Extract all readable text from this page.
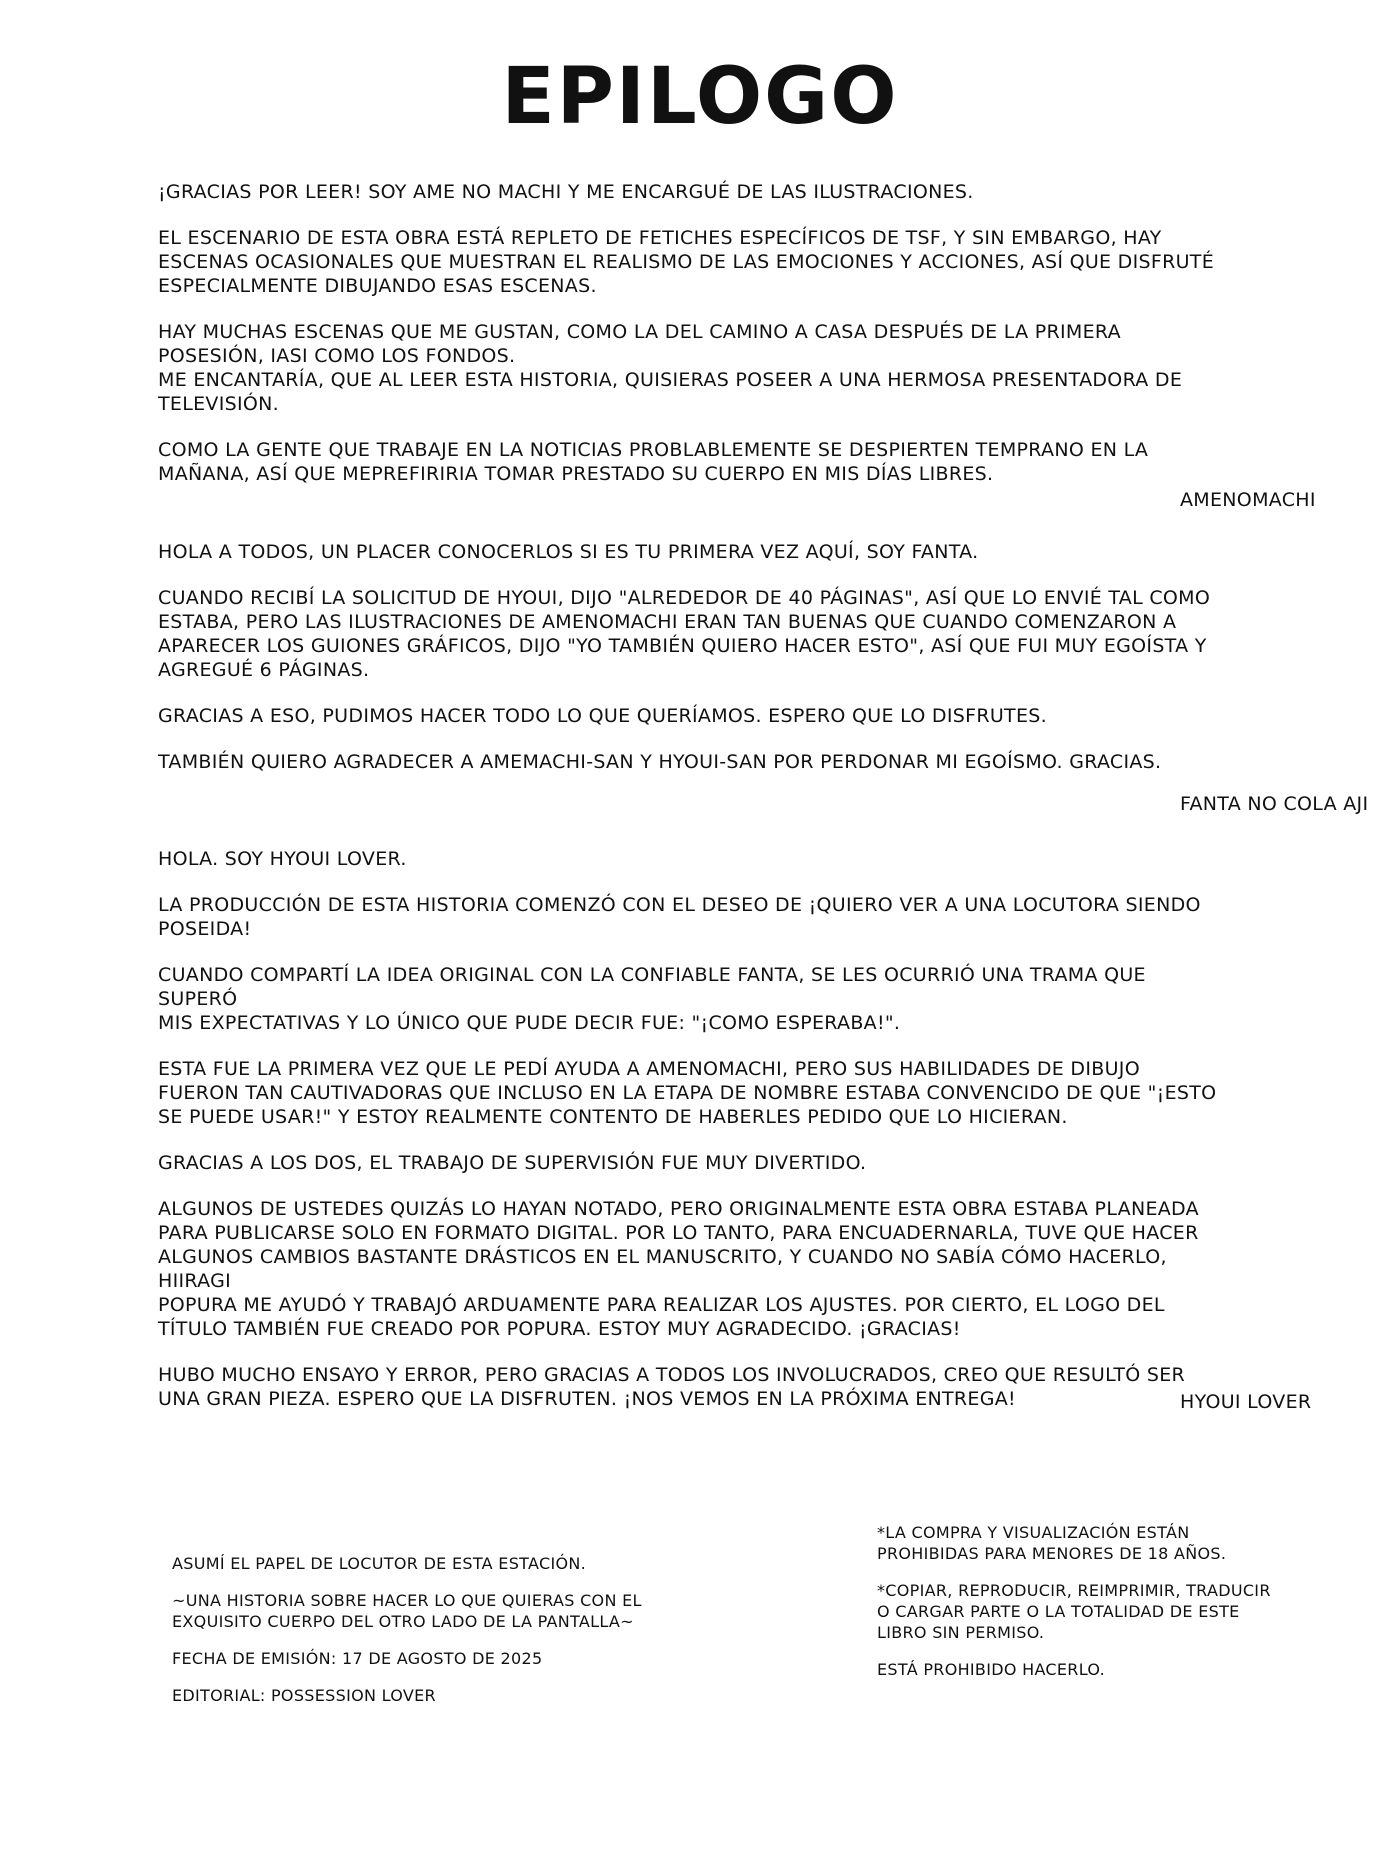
EPILOGO

¡GRACIAS POR LEER! SOY AME NO MACHI Y ME ENCARGUÉ DE LAS ILUSTRACIONES.

EL ESCENARIO DE ESTA OBRA ESTÁ REPLETO DE FETICHES ESPECÍFICOS DE TSF, Y SIN EMBARGO, HAY
ESCENAS OCASIONALES QUE MUESTRAN EL REALISMO DE LAS EMOCIONES Y ACCIONES, ASÍ QUE DISFRUTÉ
ESPECIALMENTE DIBUJANDO ESAS ESCENAS.

HAY MUCHAS ESCENAS QUE ME GUSTAN, COMO LA DEL CAMINO A CASA DESPUÉS DE LA PRIMERA
POSESIÓN, IASI COMO LOS FONDOS.
ME ENCANTARÍA, QUE AL LEER ESTA HISTORIA, QUISIERAS POSEER A UNA HERMOSA PRESENTADORA DE
TELEVISIÓN.

COMO LA GENTE QUE TRABAJE EN LA NOTICIAS PROBLABLEMENTE SE DESPIERTEN TEMPRANO EN LA
MAÑANA, ASÍ QUE MEPREFIRIRIA TOMAR PRESTADO SU CUERPO EN MIS DÍAS LIBRES.

AMENOMACHI

HOLA A TODOS, UN PLACER CONOCERLOS SI ES TU PRIMERA VEZ AQUÍ, SOY FANTA.

CUANDO RECIBÍ LA SOLICITUD DE HYOUI, DIJO "ALREDEDOR DE 40 PÁGINAS", ASÍ QUE LO ENVIÉ TAL COMO
ESTABA, PERO LAS ILUSTRACIONES DE AMENOMACHI ERAN TAN BUENAS QUE CUANDO COMENZARON A
APARECER LOS GUIONES GRÁFICOS, DIJO "YO TAMBIÉN QUIERO HACER ESTO", ASÍ QUE FUI MUY EGOÍSTA Y
AGREGUÉ 6 PÁGINAS.

GRACIAS A ESO, PUDIMOS HACER TODO LO QUE QUERÍAMOS. ESPERO QUE LO DISFRUTES.

TAMBIÉN QUIERO AGRADECER A AMEMACHI-SAN Y HYOUI-SAN POR PERDONAR MI EGOÍSMO. GRACIAS.

FANTA NO COLA AJI

HOLA. SOY HYOUI LOVER.

LA PRODUCCIÓN DE ESTA HISTORIA COMENZÓ CON EL DESEO DE ¡QUIERO VER A UNA LOCUTORA SIENDO
POSEIDA!

CUANDO COMPARTÍ LA IDEA ORIGINAL CON LA CONFIABLE FANTA, SE LES OCURRIÓ UNA TRAMA QUE SUPERÓ
MIS EXPECTATIVAS Y LO ÚNICO QUE PUDE DECIR FUE: "¡COMO ESPERABA!".

ESTA FUE LA PRIMERA VEZ QUE LE PEDÍ AYUDA A AMENOMACHI, PERO SUS HABILIDADES DE DIBUJO
FUERON TAN CAUTIVADORAS QUE INCLUSO EN LA ETAPA DE NOMBRE ESTABA CONVENCIDO DE QUE "¡ESTO
SE PUEDE USAR!" Y ESTOY REALMENTE CONTENTO DE HABERLES PEDIDO QUE LO HICIERAN.

GRACIAS A LOS DOS, EL TRABAJO DE SUPERVISIÓN FUE MUY DIVERTIDO.

ALGUNOS DE USTEDES QUIZÁS LO HAYAN NOTADO, PERO ORIGINALMENTE ESTA OBRA ESTABA PLANEADA
PARA PUBLICARSE SOLO EN FORMATO DIGITAL. POR LO TANTO, PARA ENCUADERNARLA, TUVE QUE HACER
ALGUNOS CAMBIOS BASTANTE DRÁSTICOS EN EL MANUSCRITO, Y CUANDO NO SABÍA CÓMO HACERLO, HIIRAGI
POPURA ME AYUDÓ Y TRABAJÓ ARDUAMENTE PARA REALIZAR LOS AJUSTES. POR CIERTO, EL LOGO DEL
TÍTULO TAMBIÉN FUE CREADO POR POPURA. ESTOY MUY AGRADECIDO. ¡GRACIAS!

HUBO MUCHO ENSAYO Y ERROR, PERO GRACIAS A TODOS LOS INVOLUCRADOS, CREO QUE RESULTÓ SER
UNA GRAN PIEZA. ESPERO QUE LA DISFRUTEN. ¡NOS VEMOS EN LA PRÓXIMA ENTREGA!	HYOUI LOVER

ASUMÍ EL PAPEL DE LOCUTOR DE ESTA ESTACIÓN.

~UNA HISTORIA SOBRE HACER LO QUE QUIERAS CON EL
EXQUISITO CUERPO DEL OTRO LADO DE LA PANTALLA~

FECHA DE EMISIÓN: 17 DE AGOSTO DE 2025

EDITORIAL: POSSESSION LOVER

*LA COMPRA Y VISUALIZACIÓN ESTÁN
PROHIBIDAS PARA MENORES DE 18 AÑOS.

*COPIAR, REPRODUCIR, REIMPRIMIR, TRADUCIR
O CARGAR PARTE O LA TOTALIDAD DE ESTE
LIBRO SIN PERMISO.

ESTÁ PROHIBIDO HACERLO.
